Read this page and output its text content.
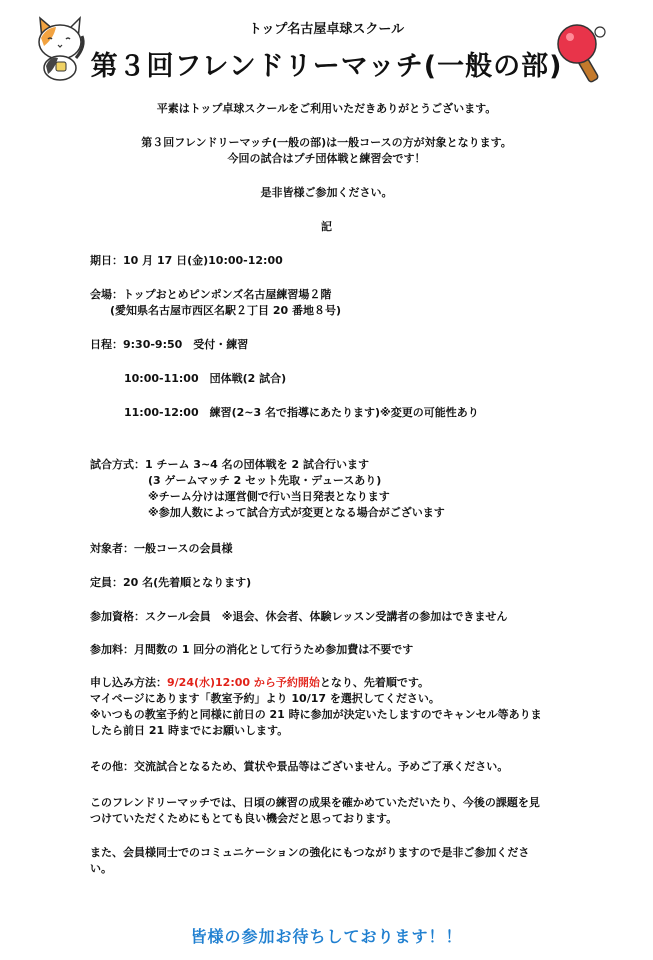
トップ名古屋卓球スクール
第３回フレンドリーマッチ(一般の部)
平素はトップ卓球スクールをご利用いただきありがとうございます。
第３回フレンドリーマッチ(一般の部)は一般コースの方が対象となります。
今回の試合はプチ団体戦と練習会です！
是非皆様ご参加ください。
記
期日：10 月 17 日(金)10:00-12:00
会場：トップおとめピンポンズ名古屋練習場２階
(愛知県名古屋市西区名駅２丁目 20 番地８号)
日程：9:30-9:50　受付・練習
10:00-11:00　団体戦(2 試合)
11:00-12:00　練習(2~3 名で指導にあたります)※変更の可能性あり
試合方式：1 チーム 3~4 名の団体戦を 2 試合行います
(3 ゲームマッチ 2 セット先取・デュースあり)
※チーム分けは運営側で行い当日発表となります
※参加人数によって試合方式が変更となる場合がございます
対象者：一般コースの会員様
定員：20 名(先着順となります)
参加資格：スクール会員　※退会、休会者、体験レッスン受講者の参加はできません
参加料：月間数の 1 回分の消化として行うため参加費は不要です
申し込み方法：9/24(水)12:00 から予約開始となり、先着順です。
マイページにあります「教室予約」より 10/17 を選択してください。
※いつもの教室予約と同様に前日の 21 時に参加が決定いたしますのでキャンセル等ありま
したら前日 21 時までにお願いします。
その他：交流試合となるため、賞状や景品等はございません。予めご了承ください。
このフレンドリーマッチでは、日頃の練習の成果を確かめていただいたり、今後の課題を見
つけていただくためにもとても良い機会だと思っております。
また、会員様同士でのコミュニケーションの強化にもつながりますので是非ご参加くださ
い。
皆様の参加お待ちしております！！
